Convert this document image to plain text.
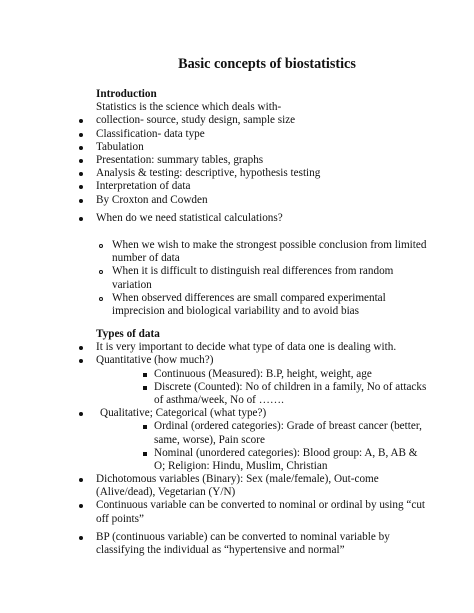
Basic concepts of biostatistics
Introduction
Statistics is the science which deals with-
collection- source, study design, sample size
Classification- data type
Tabulation
Presentation: summary tables, graphs
Analysis & testing: descriptive, hypothesis testing
Interpretation of data
By Croxton and Cowden
When do we need statistical calculations?
When we wish to make the strongest possible conclusion from limited
number of data
When it is difficult to distinguish real differences from random
variation
When observed differences are small compared experimental
imprecision and biological variability and to avoid bias
Types of data
It is very important to decide what type of data one is dealing with.
Quantitative (how much?)
Continuous (Measured): B.P, height, weight, age
Discrete (Counted): No of children in a family, No of attacks
of asthma/week, No of …….
Qualitative; Categorical (what type?)
Ordinal (ordered categories): Grade of breast cancer (better,
same, worse), Pain score
Nominal (unordered categories): Blood group: A, B, AB &
O; Religion: Hindu, Muslim, Christian
Dichotomous variables (Binary): Sex (male/female), Out-come
(Alive/dead), Vegetarian (Y/N)
Continuous variable can be converted to nominal or ordinal by using “cut
off points”
BP (continuous variable) can be converted to nominal variable by
classifying the individual as “hypertensive and normal”
